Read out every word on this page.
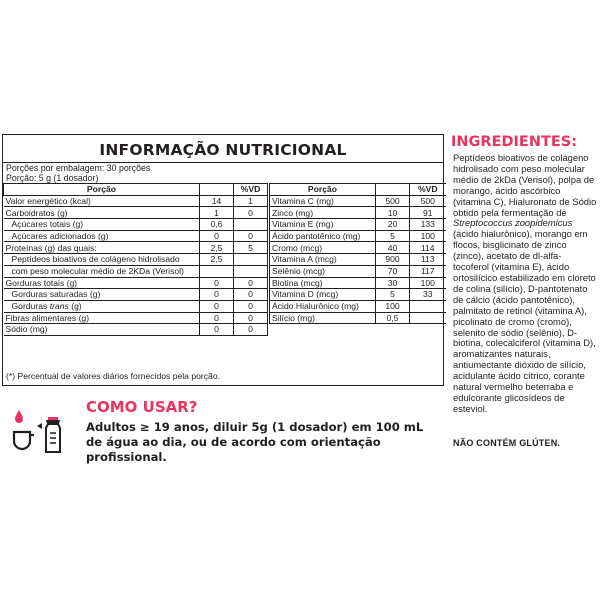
INFORMAÇÃO NUTRICIONAL
Porções por embalagem: 30 porções
Porção: 5 g (1 dosador)
Porção		%VD
Valor energético (kcal)	14	1
Carboidratos (g)	1	0
Açúcares totais (g)	0,6	
Açúcares adicionados (g)	0	0
Proteínas (g) das quais:	2,5	5
Peptídeos bioativos de colágeno hidrolisado	2,5	
com peso molecular médio de 2KDa (Verisol)		
Gorduras totais (g)	0	0
Gorduras saturadas (g)	0	0
Gorduras trans (g)	0	0
Fibras alimentares (g)	0	0
Sódio (mg)	0	0
Porção		%VD
Vitamina C (mg)	500	500
Zinco (mg)	10	91
Vitamina E (mg)	20	133
Ácido pantotênico (mg)	5	100
Cromo (mcg)	40	114
Vitamina A (mcg)	900	113
Selênio (mcg)	70	117
Biotina (mcg)	30	100
Vitamina D (mcg)	5	33
Ácido Hialurônico (mg)	100	
Silício (mg)	0,5	
(*) Percentual de valores diários fornecidos pela porção.
COMO USAR?
Adultos ≥ 19 anos, diluir 5g (1 dosador) em 100 mL de água ao dia, ou de acordo com orientação profissional.
INGREDIENTES:
Peptídeos bioativos de colágeno hidrolisado com peso molecular médio de 2kDa (Verisol), polpa de morango, ácido ascórbico (vitamina C), Hialuronato de Sódio obtido pela fermentação de Streptococcus zoopidemicus (ácido hialurônico), morango em flocos, bisglicinato de zinco (zinco), acetato de dl-alfa-tocoferol (vitamina E), ácido ortosilícico estabilizado em cloreto de colina (silício), D-pantotenato de cálcio (ácido pantotênico), palmitato de retinol (vitamina A), picolinato de cromo (cromo), selenito de sódio (selênio), D-biotina, colecalciferol (vitamina D), aromatizantes naturais, antiumectante dióxido de silício, acidulante ácido cítrico, corante natural vermelho beterraba e edulcorante glicosídeos de esteviol.
NÃO CONTÉM GLÚTEN.
